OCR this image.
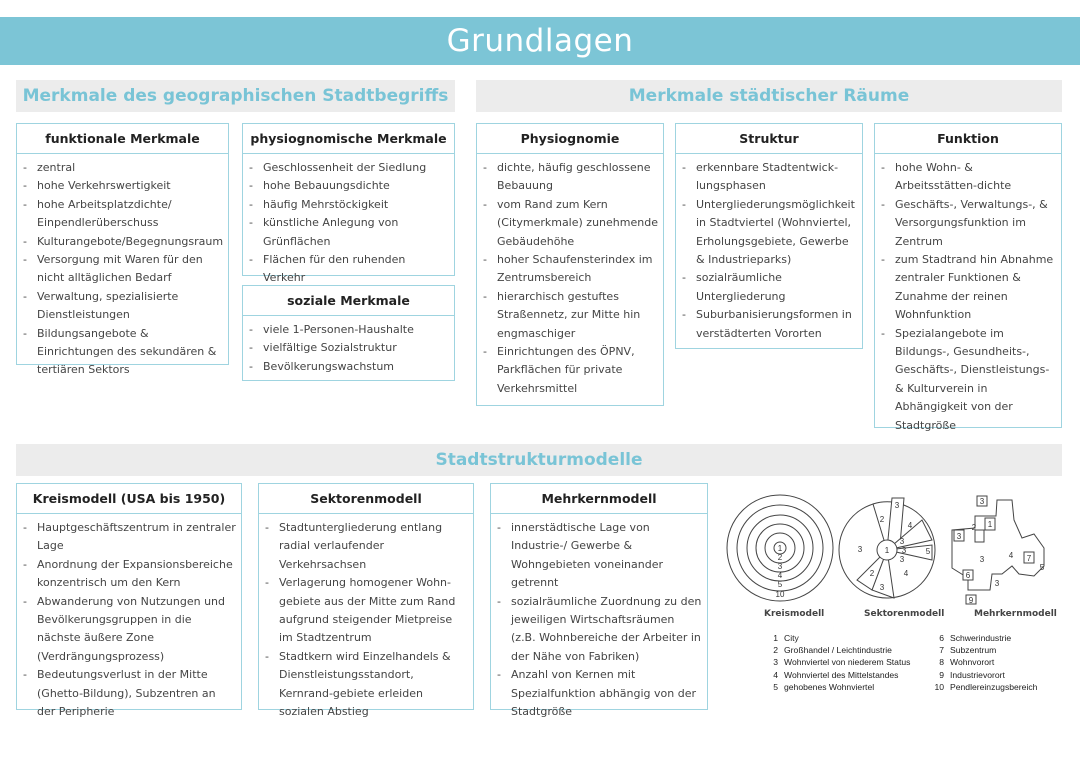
Grundlagen
Merkmale des geographischen Stadtbegriffs	Merkmale städtischer Räume
Stadtstrukturmodelle
funktionale Merkmale
- zentral
- hohe Verkehrswertigkeit
- hohe Arbeitsplatzdichte/ Einpendlerüberschuss
- Kulturangebote/Begegnungsraum
- Versorgung mit Waren für den nicht alltäglichen Bedarf
- Verwaltung, spezialisierte Dienstleistungen
- Bildungsangebote & Einrichtungen des sekundären & tertiären Sektors
physiognomische Merkmale
- Geschlossenheit der Siedlung
- hohe Bebauungsdichte
- häufig Mehrstöckigkeit
- künstliche Anlegung von Grünflächen
- Flächen für den ruhenden Verkehr
soziale Merkmale
- viele 1-Personen-Haushalte
- vielfältige Sozialstruktur
- Bevölkerungswachstum
Physiognomie
- dichte, häufig geschlossene Bebauung
- vom Rand zum Kern (Citymerkmale) zunehmende Gebäudehöhe
- hoher Schaufensterindex im Zentrumsbereich
- hierarchisch gestuftes Straßennetz, zur Mitte hin engmaschiger
- Einrichtungen des ÖPNV, Parkflächen für private Verkehrsmittel
Struktur
- erkennbare Stadtentwick-lungsphasen
- Untergliederungsmöglichkeit in Stadtviertel (Wohnviertel, Erholungsgebiete, Gewerbe & Industrieparks)
- sozialräumliche Untergliederung
- Suburbanisierungsformen in verstädterten Vororten
Funktion
- hohe Wohn- & Arbeitsstätten-dichte
- Geschäfts-, Verwaltungs-, & Versorgungsfunktion im Zentrum
- zum Stadtrand hin Abnahme zentraler Funktionen & Zunahme der reinen Wohnfunktion
- Spezialangebote im Bildungs-, Gesundheits-, Geschäfts-, Dienstleistungs- & Kulturverein in Abhängigkeit von der Stadtgröße
Kreismodell (USA bis 1950)
- Hauptgeschäftszentrum in zentraler Lage
- Anordnung der Expansionsbereiche konzentrisch um den Kern
- Abwanderung von Nutzungen und Bevölkerungsgruppen in die nächste äußere Zone (Verdrängungsprozess)
- Bedeutungsverlust in der Mitte (Ghetto-Bildung), Subzentren an der Peripherie
Sektorenmodell
- Stadtuntergliederung entlang radial verlaufender Verkehrsachsen
- Verlagerung homogener Wohn-gebiete aus der Mitte zum Rand aufgrund steigender Mietpreise im Stadtzentrum
- Stadtkern wird Einzelhandels & Dienstleistungsstandort, Kernrand-gebiete erleiden sozialen Abstieg
Mehrkernmodell
- innerstädtische Lage von Industrie-/ Gewerbe & Wohngebieten voneinander getrennt
- sozialräumliche Zuordnung zu den jeweiligen Wirtschaftsräumen (z.B. Wohnbereiche der Arbeiter in der Nähe von Fabriken)
- Anzahl von Kernen mit Spezialfunktion abhängig von der Stadtgröße
1
2
3
4
5
10
1
2
3
3
3
3
3
4
4
5
2
3
3
2 1
3
3	4 7
5
6
9
3
Kreismodell	Sektorenmodell	Mehrkernmodell
1 City
2 Großhandel / Leichtindustrie
3 Wohnviertel von niederem Status
4 Wohnviertel des Mittelstandes
5 gehobenes Wohnviertel
6 Schwerindustrie
7 Subzentrum
8 Wohnvorort
9 Industrievorort
10 Pendlereinzugsbereich
